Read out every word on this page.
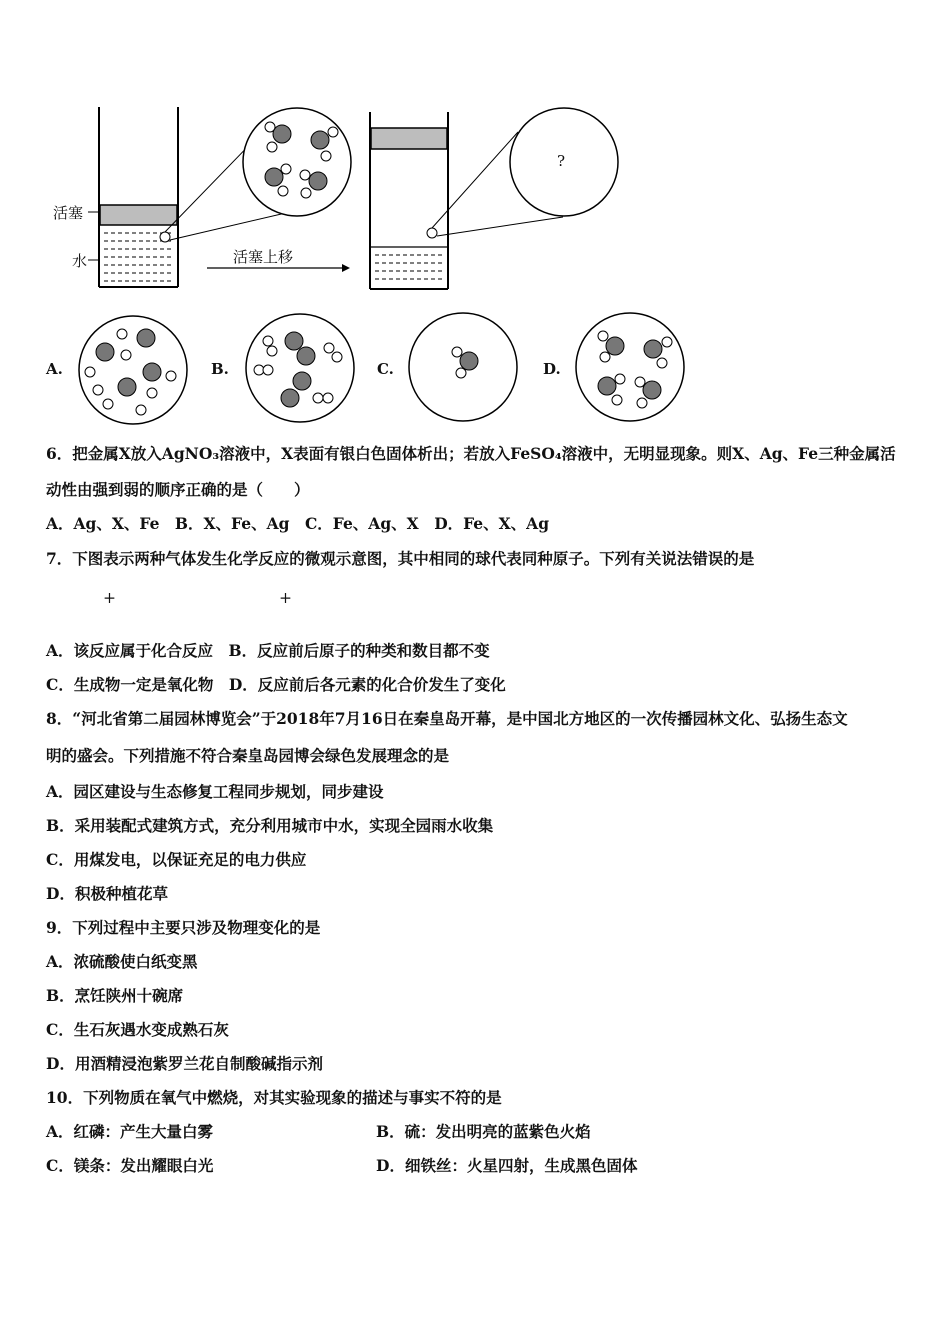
活塞
水	活塞上移
?
A.	B.	C.	D.
6．把金属X放入AgNO₃溶液中，X表面有银白色固体析出；若放入FeSO₄溶液中，无明显现象。则X、Ag、Fe三种金属活
动性由强到弱的顺序正确的是（　　）
A．Ag、X、Fe　B．X、Fe、Ag　C．Fe、Ag、X　D．Fe、X、Ag
7．下图表示两种气体发生化学反应的微观示意图，其中相同的球代表同种原子。下列有关说法错误的是
+	+
A．该反应属于化合反应　B．反应前后原子的种类和数目都不变
C．生成物一定是氧化物　D．反应前后各元素的化合价发生了变化
8．“河北省第二届园林博览会”于2018年7月16日在秦皇岛开幕，是中国北方地区的一次传播园林文化、弘扬生态文
明的盛会。下列措施不符合秦皇岛园博会绿色发展理念的是
A．园区建设与生态修复工程同步规划，同步建设
B．采用装配式建筑方式，充分利用城市中水，实现全园雨水收集
C．用煤发电，以保证充足的电力供应
D．积极种植花草
9．下列过程中主要只涉及物理变化的是
A．浓硫酸使白纸变黑
B．烹饪陕州十碗席
C．生石灰遇水变成熟石灰
D．用酒精浸泡紫罗兰花自制酸碱指示剂
10．下列物质在氧气中燃烧，对其实验现象的描述与事实不符的是
A．红磷：产生大量白雾	B．硫：发出明亮的蓝紫色火焰
C．镁条：发出耀眼白光	D．细铁丝：火星四射，生成黑色固体
